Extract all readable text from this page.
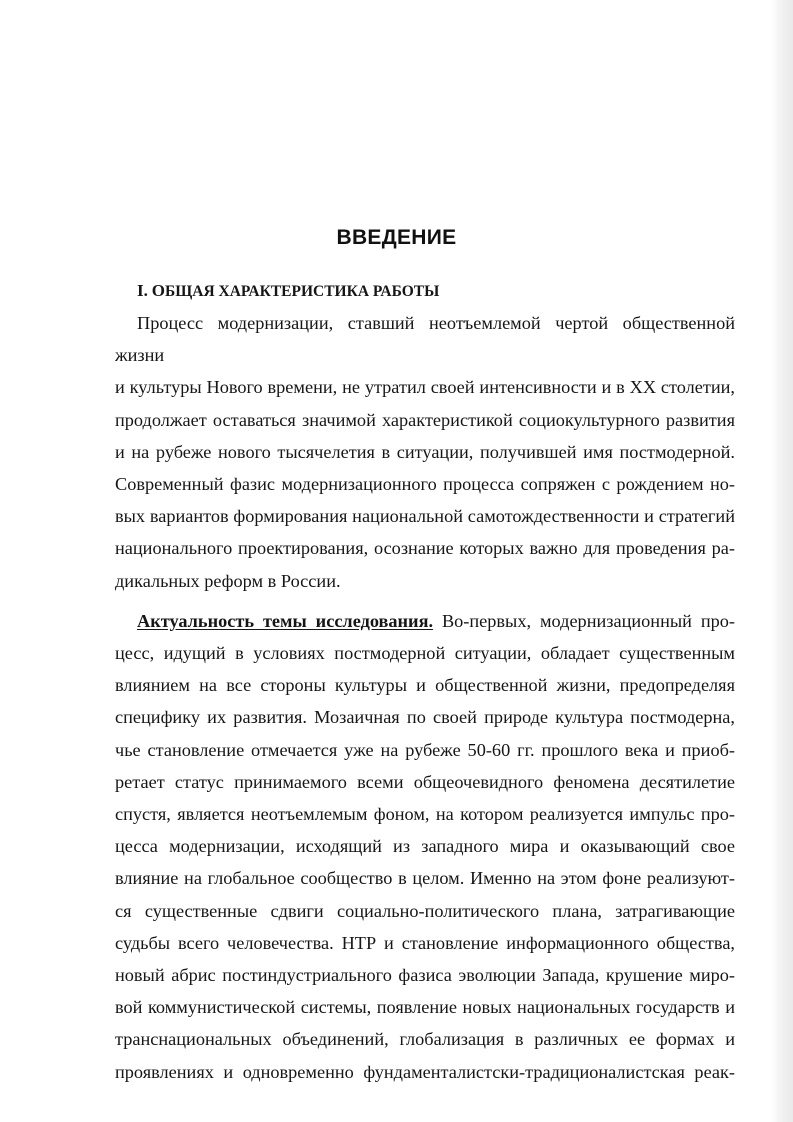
ВВЕДЕНИЕ

I. ОБЩАЯ ХАРАКТЕРИСТИКА РАБОТЫ

Процесс модернизации, ставший неотъемлемой чертой общественной жизни

и культуры Нового времени, не утратил своей интенсивности и в XX столетии,

продолжает оставаться значимой характеристикой социокультурного развития

и на рубеже нового тысячелетия в ситуации, получившей имя постмодерной.

Современный фазис модернизационного процесса сопряжен с рождением но-

вых вариантов формирования национальной самотождественности и стратегий

национального проектирования, осознание которых важно для проведения ра-

дикальных реформ в России.

Актуальность темы исследования. Во-первых, модернизационный про-

цесс, идущий в условиях постмодерной ситуации, обладает существенным

влиянием на все стороны культуры и общественной жизни, предопределяя

специфику их развития. Мозаичная по своей природе культура постмодерна,

чье становление отмечается уже на рубеже 50-60 гг. прошлого века и приоб-

ретает статус принимаемого всеми общеочевидного феномена десятилетие

спустя, является неотъемлемым фоном, на котором реализуется импульс про-

цесса модернизации, исходящий из западного мира и оказывающий свое

влияние на глобальное сообщество в целом. Именно на этом фоне реализуют-

ся существенные сдвиги социально-политического плана, затрагивающие

судьбы всего человечества. НТР и становление информационного общества,

новый абрис постиндустриального фазиса эволюции Запада, крушение миро-

вой коммунистической системы, появление новых национальных государств и

транснациональных объединений, глобализация в различных ее формах и

проявлениях и одновременно фундаменталистски-традиционалистская реак-
